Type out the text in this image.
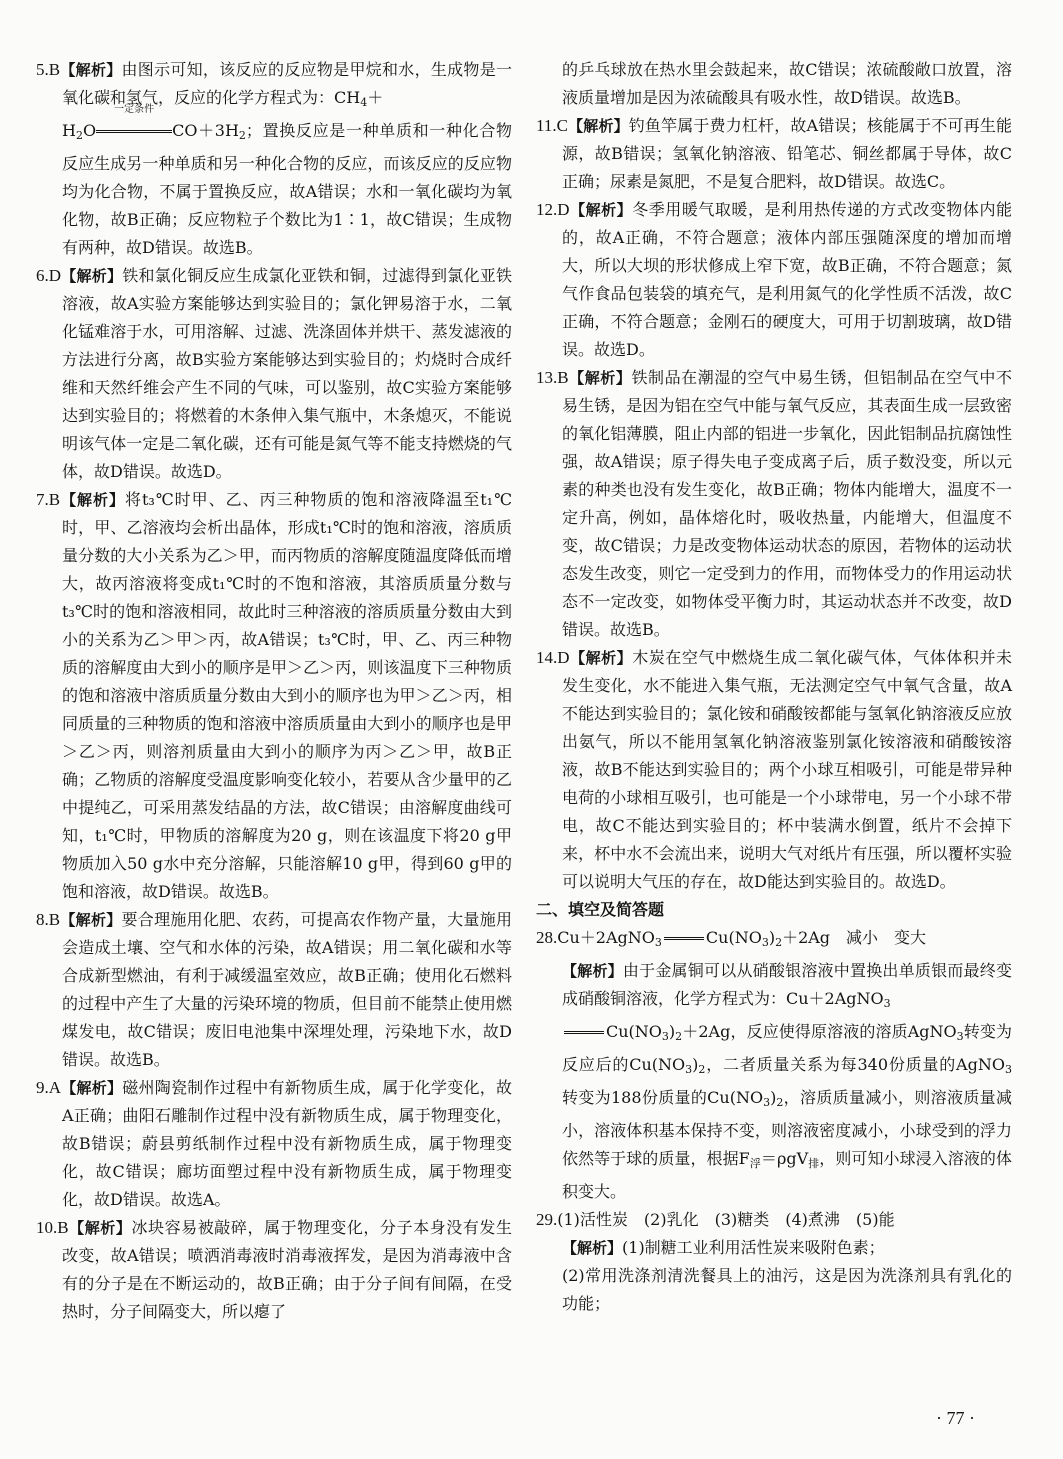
5.B【解析】由图示可知，该反应的反应物是甲烷和水，生成物是一氧化碳和氢气，反应的化学方程式为：$CH_4+$
$H_2O$
一定条件
$CO+3H_2$；置换反应是一种单质和一种化合物反应生成另一种单质和另一种化合物的反应，而该反应的反应物均为化合物，不属于置换反应，故A错误；水和一氧化碳均为氧化物，故B正确；反应物粒子个数比为1∶1，故C错误；生成物有两种，故D错误。故选B。

6.D【解析】铁和氯化铜反应生成氯化亚铁和铜，过滤得到氯化亚铁溶液，故A实验方案能够达到实验目的；氯化钾易溶于水，二氧化锰难溶于水，可用溶解、过滤、洗涤固体并烘干、蒸发滤液的方法进行分离，故B实验方案能够达到实验目的；灼烧时合成纤维和天然纤维会产生不同的气味，可以鉴别，故C实验方案能够达到实验目的；将燃着的木条伸入集气瓶中，木条熄灭，不能说明该气体一定是二氧化碳，还有可能是氮气等不能支持燃烧的气体，故D错误。故选D。

7.B【解析】将t₃℃时甲、乙、丙三种物质的饱和溶液降温至t₁℃时，甲、乙溶液均会析出晶体，形成t₁℃时的饱和溶液，溶质质量分数的大小关系为乙＞甲，而丙物质的溶解度随温度降低而增大，故丙溶液将变成t₁℃时的不饱和溶液，其溶质质量分数与t₃℃时的饱和溶液相同，故此时三种溶液的溶质质量分数由大到小的关系为乙＞甲＞丙，故A错误；t₃℃时，甲、乙、丙三种物质的溶解度由大到小的顺序是甲＞乙＞丙，则该温度下三种物质的饱和溶液中溶质质量分数由大到小的顺序也为甲＞乙＞丙，相同质量的三种物质的饱和溶液中溶质质量由大到小的顺序也是甲＞乙＞丙，则溶剂质量由大到小的顺序为丙＞乙＞甲，故B正确；乙物质的溶解度受温度影响变化较小，若要从含少量甲的乙中提纯乙，可采用蒸发结晶的方法，故C错误；由溶解度曲线可知，t₁℃时，甲物质的溶解度为20 g，则在该温度下将20 g甲物质加入50 g水中充分溶解，只能溶解10 g甲，得到60 g甲的饱和溶液，故D错误。故选B。

8.B【解析】要合理施用化肥、农药，可提高农作物产量，大量施用会造成土壤、空气和水体的污染，故A错误；用二氧化碳和水等合成新型燃油，有利于减缓温室效应，故B正确；使用化石燃料的过程中产生了大量的污染环境的物质，但目前不能禁止使用燃煤发电，故C错误；废旧电池集中深埋处理，污染地下水，故D错误。故选B。

9.A【解析】磁州陶瓷制作过程中有新物质生成，属于化学变化，故A正确；曲阳石雕制作过程中没有新物质生成，属于物理变化，故B错误；蔚县剪纸制作过程中没有新物质生成，属于物理变化，故C错误；廊坊面塑过程中没有新物质生成，属于物理变化，故D错误。故选A。

10.B【解析】冰块容易被敲碎，属于物理变化，分子本身没有发生改变，故A错误；喷洒消毒液时消毒液挥发，是因为消毒液中含有的分子是在不断运动的，故B正确；由于分子间有间隔，在受热时，分子间隔变大，所以瘪了

的乒乓球放在热水里会鼓起来，故C错误；浓硫酸敞口放置，溶液质量增加是因为浓硫酸具有吸水性，故D错误。故选B。

11.C【解析】钓鱼竿属于费力杠杆，故A错误；核能属于不可再生能源，故B错误；氢氧化钠溶液、铅笔芯、铜丝都属于导体，故C正确；尿素是氮肥，不是复合肥料，故D错误。故选C。

12.D【解析】冬季用暖气取暖，是利用热传递的方式改变物体内能的，故A正确，不符合题意；液体内部压强随深度的增加而增大，所以大坝的形状修成上窄下宽，故B正确，不符合题意；氮气作食品包装袋的填充气，是利用氮气的化学性质不活泼，故C正确，不符合题意；金刚石的硬度大，可用于切割玻璃，故D错误。故选D。

13.B【解析】铁制品在潮湿的空气中易生锈，但铝制品在空气中不易生锈，是因为铝在空气中能与氧气反应，其表面生成一层致密的氧化铝薄膜，阻止内部的铝进一步氧化，因此铝制品抗腐蚀性强，故A错误；原子得失电子变成离子后，质子数没变，所以元素的种类也没有发生变化，故B正确；物体内能增大，温度不一定升高，例如，晶体熔化时，吸收热量，内能增大，但温度不变，故C错误；力是改变物体运动状态的原因，若物体的运动状态发生改变，则它一定受到力的作用，而物体受力的作用运动状态不一定改变，如物体受平衡力时，其运动状态并不改变，故D错误。故选B。

14.D【解析】木炭在空气中燃烧生成二氧化碳气体，气体体积并未发生变化，水不能进入集气瓶，无法测定空气中氧气含量，故A不能达到实验目的；氯化铵和硝酸铵都能与氢氧化钠溶液反应放出氨气，所以不能用氢氧化钠溶液鉴别氯化铵溶液和硝酸铵溶液，故B不能达到实验目的；两个小球互相吸引，可能是带异种电荷的小球相互吸引，也可能是一个小球带电，另一个小球不带电，故C不能达到实验目的；杯中装满水倒置，纸片不会掉下来，杯中水不会流出来，说明大气对纸片有压强，所以覆杯实验可以说明大气压的存在，故D能达到实验目的。故选D。

二、填空及简答题

28.Cu＋2AgNO$_3$	$Cu(NO_3)_2+2Ag$　减小　变大

【解析】由于金属铜可以从硝酸银溶液中置换出单质银而最终变成硝酸铜溶液，化学方程式为：Cu＋2AgNO$_3$
$Cu(NO_3)_2+2Ag$，反应使得原溶液的溶质AgNO$_3$转变为反应后的$Cu(NO_3)_2$，二者质量关系为每340份质量的AgNO$_3$转变为188份质量的$Cu(NO_3)_2$，溶质质量减小，则溶液质量减小，溶液体积基本保持不变，则溶液密度减小，小球受到的浮力依然等于球的质量，根据$F_浮=\rho gV_排$，则可知小球浸入溶液的体积变大。

29.(1)活性炭　(2)乳化　(3)糖类　(4)煮沸　(5)能

【解析】(1)制糖工业利用活性炭来吸附色素；
(2)常用洗涤剂清洗餐具上的油污，这是因为洗涤剂具有乳化的功能；

· 77 ·
